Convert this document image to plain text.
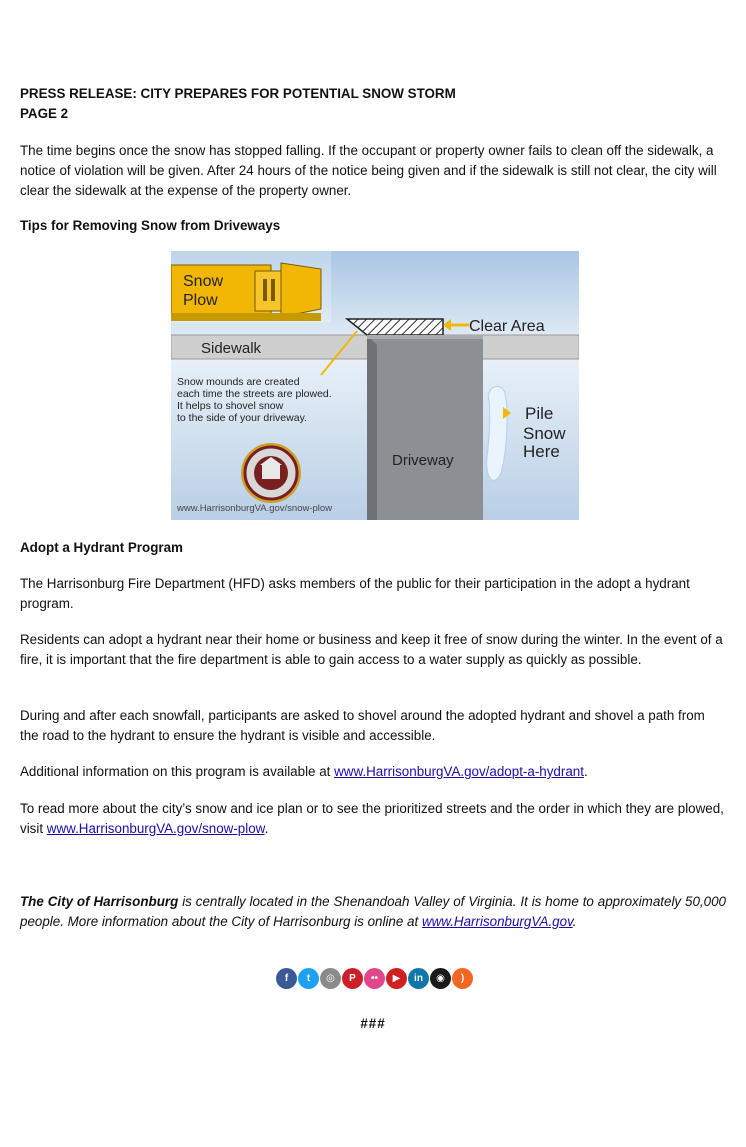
PRESS RELEASE: CITY PREPARES FOR POTENTIAL SNOW STORM
PAGE 2

The time begins once the snow has stopped falling. If the occupant or property owner fails to clean off the sidewalk, a notice of violation will be given. After 24 hours of the notice being given and if the sidewalk is still not clear, the city will clear the sidewalk at the expense of the property owner.

Tips for Removing Snow from Driveways

Snow
Plow
Sidewalk
Clear Area
Driveway
Snow mounds are created
each time the streets are plowed.
It helps to shovel snow
to the side of your driveway.	Pile
Snow
Here
www.HarrisonburgVA.gov/snow-plow

Adopt a Hydrant Program

The Harrisonburg Fire Department (HFD) asks members of the public for their participation in the adopt a hydrant program.

Residents can adopt a hydrant near their home or business and keep it free of snow during the winter. In the event of a fire, it is important that the fire department is able to gain access to a water supply as quickly as possible.

During and after each snowfall, participants are asked to shovel around the adopted hydrant and shovel a path from the road to the hydrant to ensure the hydrant is visible and accessible.

Additional information on this program is available at www.HarrisonburgVA.gov/adopt-a-hydrant.

To read more about the city’s snow and ice plan or to see the prioritized streets and the order in which they are plowed, visit www.HarrisonburgVA.gov/snow-plow.

The City of Harrisonburg is centrally located in the Shenandoah Valley of Virginia. It is home to approximately 50,000 people. More information about the City of Harrisonburg is online at www.HarrisonburgVA.gov.

f	t	◎	P	••	▶	in	◉	)
###
